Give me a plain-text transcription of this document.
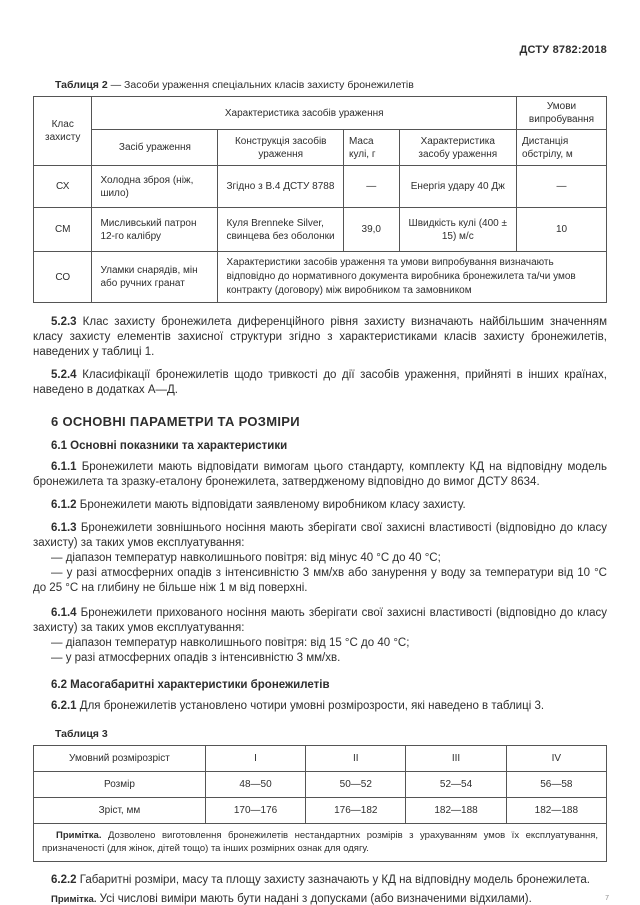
ДСТУ 8782:2018
Таблиця 2 — Засоби ураження спеціальних класів захисту бронежилетів
Клас захисту	Характеристика засобів ураження				Умови випробування
	Засіб ураження	Конструкція засобів ураження	Маса кулі, г	Характеристика засобу ураження	Дистанція обстрілу, м
СХ	Холодна зброя (ніж, шило)	Згідно з В.4 ДСТУ 8788	—	Енергія удару 40 Дж	—
СМ	Мисливський патрон 12-го калібру	Куля Brenneke Silver, свинцева без оболонки	39,0	Швидкість кулі (400 ± 15) м/с	10
СО	Уламки снарядів, мін або ручних гранат	Характеристики засобів ураження та умови випробування визначають відповідно до нормативного документа виробника бронежилета та/чи умов контракту (договору) між виробником та замовником			

5.2.3 Клас захисту бронежилета диференційного рівня захисту визначають найбільшим значенням класу захисту елементів захисної структури згідно з характеристиками класів захисту бронежилетів, наведених у таблиці 1.

5.2.4 Класифікації бронежилетів щодо тривкості до дії засобів ураження, прийняті в інших країнах, наведено в додатках А—Д.

6 ОСНОВНІ ПАРАМЕТРИ ТА РОЗМІРИ
6.1 Основні показники та характеристики

6.1.1 Бронежилети мають відповідати вимогам цього стандарту, комплекту КД на відповідну модель бронежилета та зразку-еталону бронежилета, затвердженому відповідно до вимог ДСТУ 8634.

6.1.2 Бронежилети мають відповідати заявленому виробником класу захисту.

6.1.3 Бронежилети зовнішнього носіння мають зберігати свої захисні властивості (відповідно до класу захисту) за таких умов експлуатування:

— діапазон температур навколишнього повітря: від мінус 40 °С до 40 °С;

— у разі атмосферних опадів з інтенсивністю 3 мм/хв або занурення у воду за температури від 10 °С до 25 °С на глибину не більше ніж 1 м від поверхні.

6.1.4 Бронежилети прихованого носіння мають зберігати свої захисні властивості (відповідно до класу захисту) за таких умов експлуатування:

— діапазон температур навколишнього повітря: від 15 °С до 40 °С;

— у разі атмосферних опадів з інтенсивністю 3 мм/хв.

6.2 Масогабаритні характеристики бронежилетів

6.2.1 Для бронежилетів установлено чотири умовні розмірозрости, які наведено в таблиці 3.

Таблиця 3
Умовний розмірозріст	I	II	III	IV
Розмір	48—50	50—52	52—54	56—58
Зріст, мм	170—176	176—182	182—188	182—188

Примітка. Дозволено виготовлення бронежилетів нестандартних розмірів з урахуванням умов їх експлуатування, призначеності (для жінок, дітей тощо) та інших розмірних ознак для одягу.				

6.2.2 Габаритні розміри, масу та площу захисту зазначають у КД на відповідну модель бронежилета.

Примітка. Усі числові виміри мають бути надані з допусками (або визначеними відхилами).	7
